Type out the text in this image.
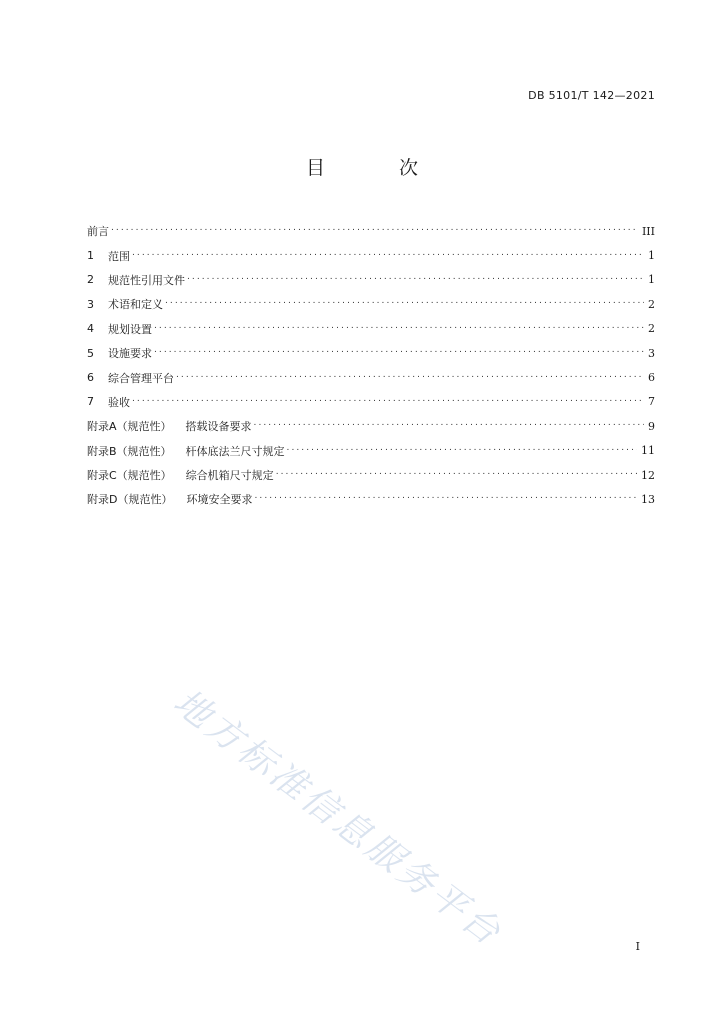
DB 5101/T 142—2021
目 次
前言 . . .	III
1	范围 . . .	1
2	规范性引用文件 . . .	1
3	术语和定义 . . .	2
4	规划设置 . . .	2
5	设施要求 . . .	3
6	综合管理平台 . . .	6
7	验收 . . .	7
附录A（规范性） 搭载设备要求 . . .	9
附录B（规范性） 杆体底法兰尺寸规定 . . .	11
附录C（规范性） 综合机箱尺寸规定 . . .	12
附录D（规范性） 环境安全要求 . . .	13
地方标准信息服务平台	I
